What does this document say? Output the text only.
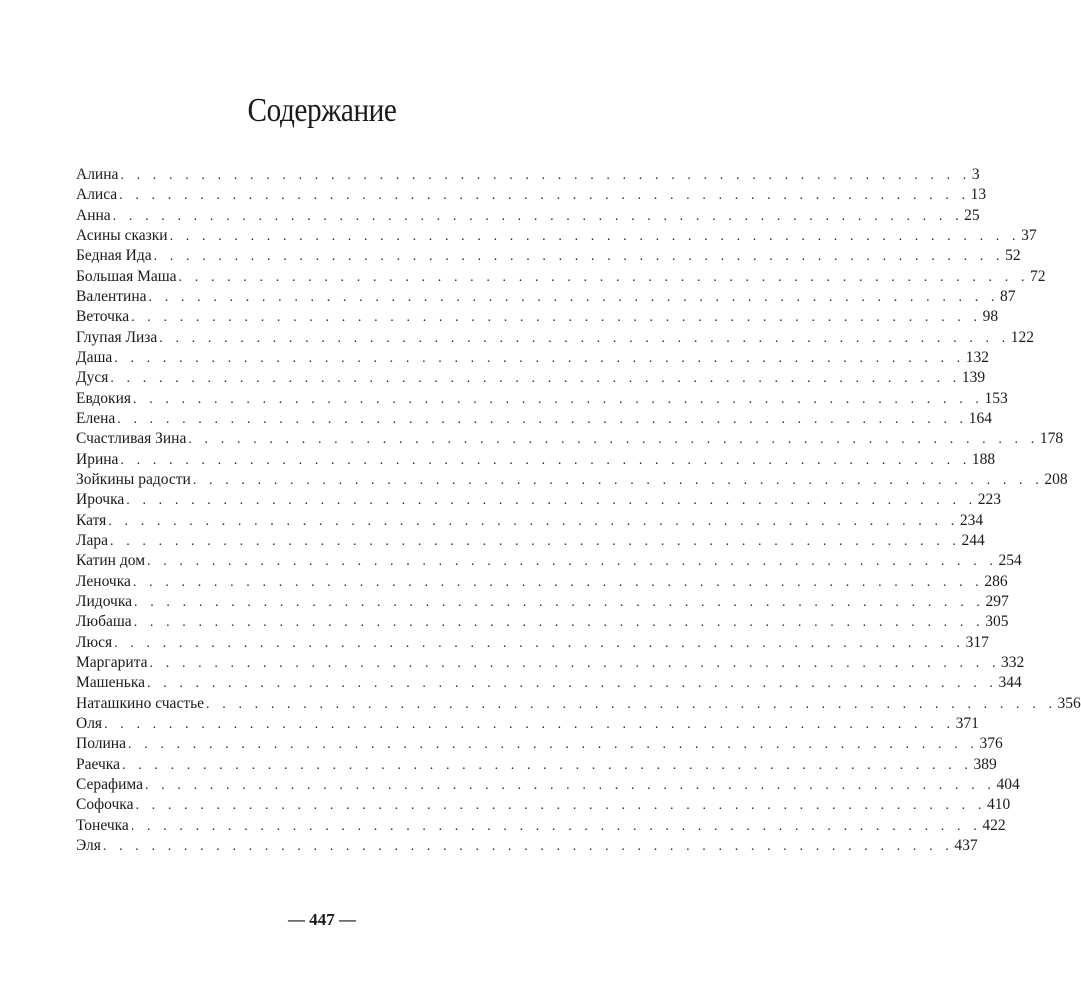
Содержание
Алина . . . . . . . . . . . . . . . . . . . . . . . . . . . . . . . . . . . . . . . . . . . . . . . . . . . . . 3
Алиса . . . . . . . . . . . . . . . . . . . . . . . . . . . . . . . . . . . . . . . . . . . . . . . . . . . . . 13
Анна . . . . . . . . . . . . . . . . . . . . . . . . . . . . . . . . . . . . . . . . . . . . . . . . . . . . . 25
Асины сказки . . . . . . . . . . . . . . . . . . . . . . . . . . . . . . . . . . . . . . . . . . . . . . . . . . . . . 37
Бедная Ида . . . . . . . . . . . . . . . . . . . . . . . . . . . . . . . . . . . . . . . . . . . . . . . . . . . . . 52
Большая Маша . . . . . . . . . . . . . . . . . . . . . . . . . . . . . . . . . . . . . . . . . . . . . . . . . . . . . 72
Валентина . . . . . . . . . . . . . . . . . . . . . . . . . . . . . . . . . . . . . . . . . . . . . . . . . . . . . 87
Веточка . . . . . . . . . . . . . . . . . . . . . . . . . . . . . . . . . . . . . . . . . . . . . . . . . . . . . 98
Глупая Лиза . . . . . . . . . . . . . . . . . . . . . . . . . . . . . . . . . . . . . . . . . . . . . . . . . . . . . 122
Даша . . . . . . . . . . . . . . . . . . . . . . . . . . . . . . . . . . . . . . . . . . . . . . . . . . . . . 132
Дуся . . . . . . . . . . . . . . . . . . . . . . . . . . . . . . . . . . . . . . . . . . . . . . . . . . . . . 139
Евдокия . . . . . . . . . . . . . . . . . . . . . . . . . . . . . . . . . . . . . . . . . . . . . . . . . . . . . 153
Елена . . . . . . . . . . . . . . . . . . . . . . . . . . . . . . . . . . . . . . . . . . . . . . . . . . . . . 164
Счастливая Зина . . . . . . . . . . . . . . . . . . . . . . . . . . . . . . . . . . . . . . . . . . . . . . . . . . . . . 178
Ирина . . . . . . . . . . . . . . . . . . . . . . . . . . . . . . . . . . . . . . . . . . . . . . . . . . . . . 188
Зойкины радости . . . . . . . . . . . . . . . . . . . . . . . . . . . . . . . . . . . . . . . . . . . . . . . . . . . . . 208
Ирочка . . . . . . . . . . . . . . . . . . . . . . . . . . . . . . . . . . . . . . . . . . . . . . . . . . . . . 223
Катя . . . . . . . . . . . . . . . . . . . . . . . . . . . . . . . . . . . . . . . . . . . . . . . . . . . . . 234
Лара . . . . . . . . . . . . . . . . . . . . . . . . . . . . . . . . . . . . . . . . . . . . . . . . . . . . . 244
Катин дом . . . . . . . . . . . . . . . . . . . . . . . . . . . . . . . . . . . . . . . . . . . . . . . . . . . . . 254
Леночка . . . . . . . . . . . . . . . . . . . . . . . . . . . . . . . . . . . . . . . . . . . . . . . . . . . . . 286
Лидочка . . . . . . . . . . . . . . . . . . . . . . . . . . . . . . . . . . . . . . . . . . . . . . . . . . . . . 297
Любаша . . . . . . . . . . . . . . . . . . . . . . . . . . . . . . . . . . . . . . . . . . . . . . . . . . . . . 305
Люся . . . . . . . . . . . . . . . . . . . . . . . . . . . . . . . . . . . . . . . . . . . . . . . . . . . . . 317
Маргарита . . . . . . . . . . . . . . . . . . . . . . . . . . . . . . . . . . . . . . . . . . . . . . . . . . . . . 332
Машенька . . . . . . . . . . . . . . . . . . . . . . . . . . . . . . . . . . . . . . . . . . . . . . . . . . . . . 344
Наташкино счастье . . . . . . . . . . . . . . . . . . . . . . . . . . . . . . . . . . . . . . . . . . . . . . . . . . . . . 356
Оля . . . . . . . . . . . . . . . . . . . . . . . . . . . . . . . . . . . . . . . . . . . . . . . . . . . . . 371
Полина . . . . . . . . . . . . . . . . . . . . . . . . . . . . . . . . . . . . . . . . . . . . . . . . . . . . . 376
Раечка . . . . . . . . . . . . . . . . . . . . . . . . . . . . . . . . . . . . . . . . . . . . . . . . . . . . . 389
Серафима . . . . . . . . . . . . . . . . . . . . . . . . . . . . . . . . . . . . . . . . . . . . . . . . . . . . . 404
Софочка . . . . . . . . . . . . . . . . . . . . . . . . . . . . . . . . . . . . . . . . . . . . . . . . . . . . . 410
Тонечка . . . . . . . . . . . . . . . . . . . . . . . . . . . . . . . . . . . . . . . . . . . . . . . . . . . . . 422
Эля . . . . . . . . . . . . . . . . . . . . . . . . . . . . . . . . . . . . . . . . . . . . . . . . . . . . . 437
— 447 —
